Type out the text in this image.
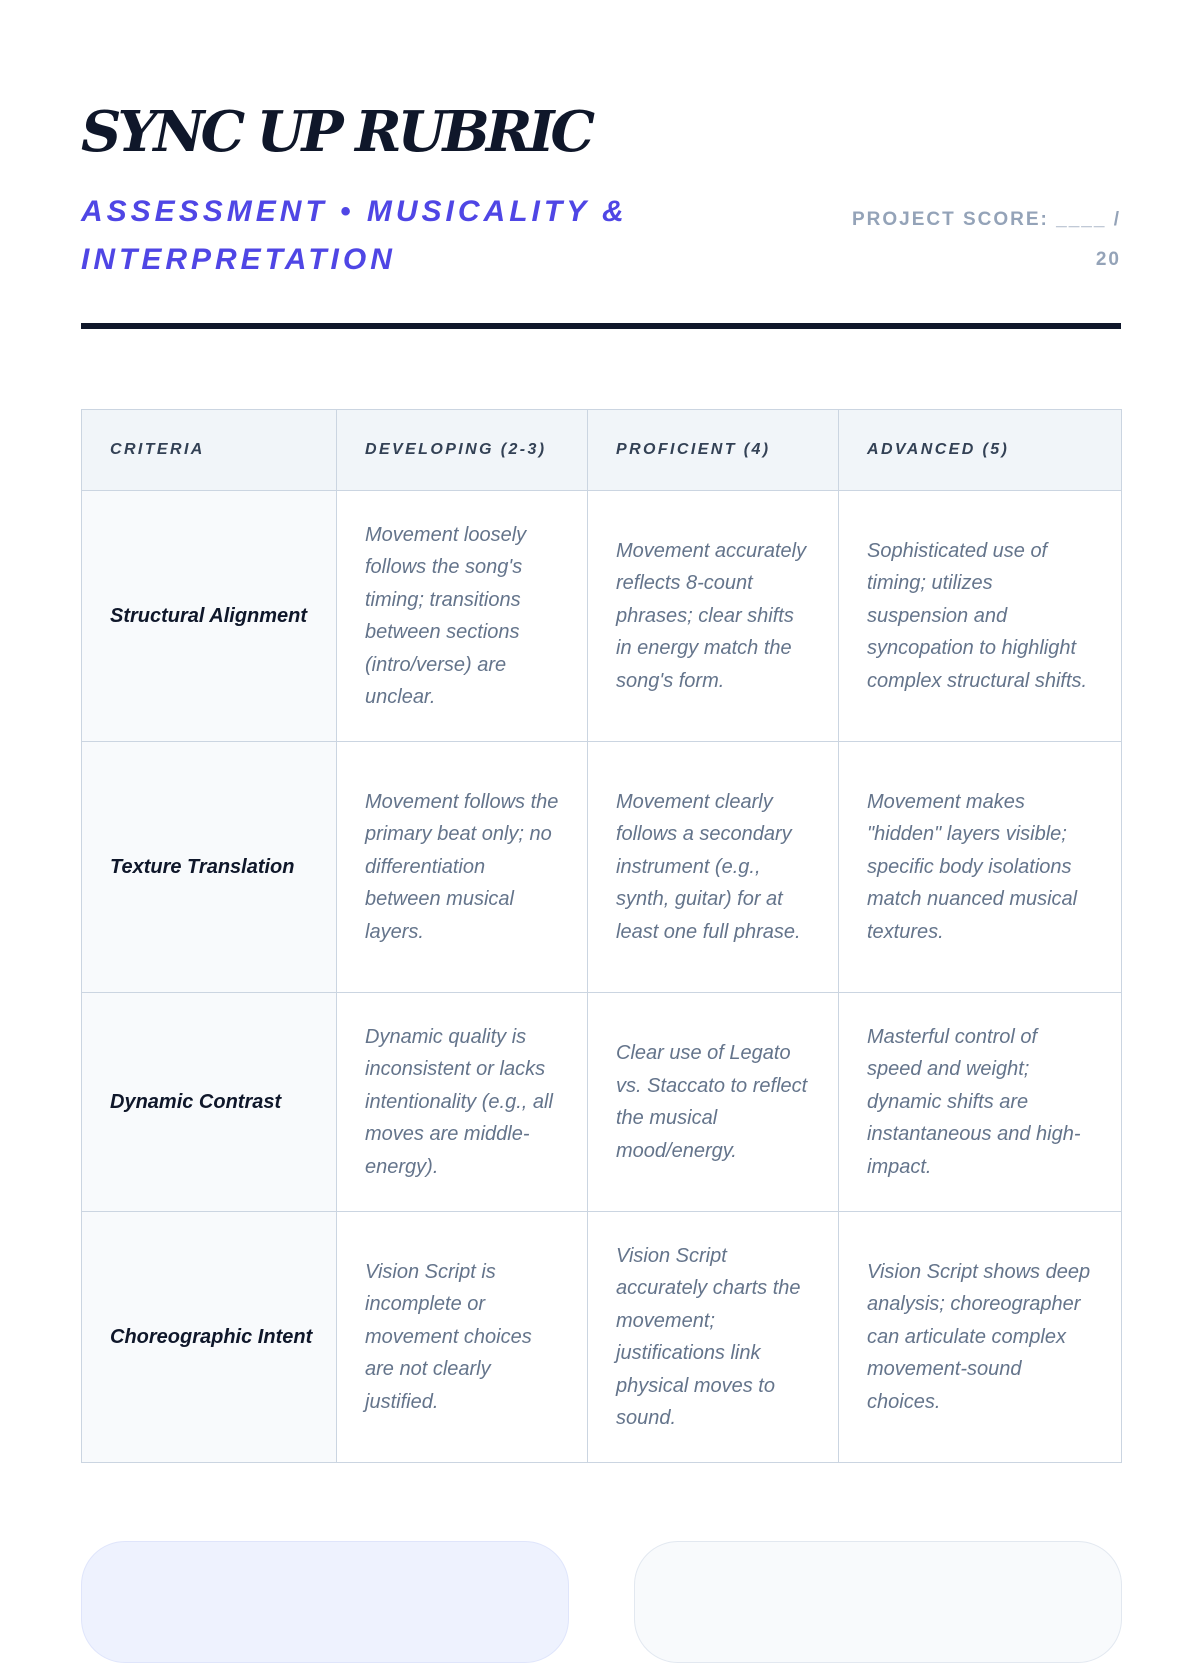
SYNC UP RUBRIC
ASSESSMENT • MUSICALITY & INTERPRETATION
PROJECT SCORE: ____ / 20
CRITERIA	DEVELOPING (2-3)	PROFICIENT (4)	ADVANCED (5)
Structural Alignment	Movement loosely follows the song's timing; transitions between sections (intro/verse) are unclear.	Movement accurately reflects 8-count phrases; clear shifts in energy match the song's form.	Sophisticated use of timing; utilizes suspension and syncopation to highlight complex structural shifts.
Texture Translation	Movement follows the primary beat only; no differentiation between musical layers.	Movement clearly follows a secondary instrument (e.g., synth, guitar) for at least one full phrase.	Movement makes "hidden" layers visible; specific body isolations match nuanced musical textures.
Dynamic Contrast	Dynamic quality is inconsistent or lacks intentionality (e.g., all moves are middle-energy).	Clear use of Legato vs. Staccato to reflect the musical mood/energy.	Masterful control of speed and weight; dynamic shifts are instantaneous and high-impact.
Choreographic Intent	Vision Script is incomplete or movement choices are not clearly justified.	Vision Script accurately charts the movement; justifications link physical moves to sound.	Vision Script shows deep analysis; choreographer can articulate complex movement-sound choices.
